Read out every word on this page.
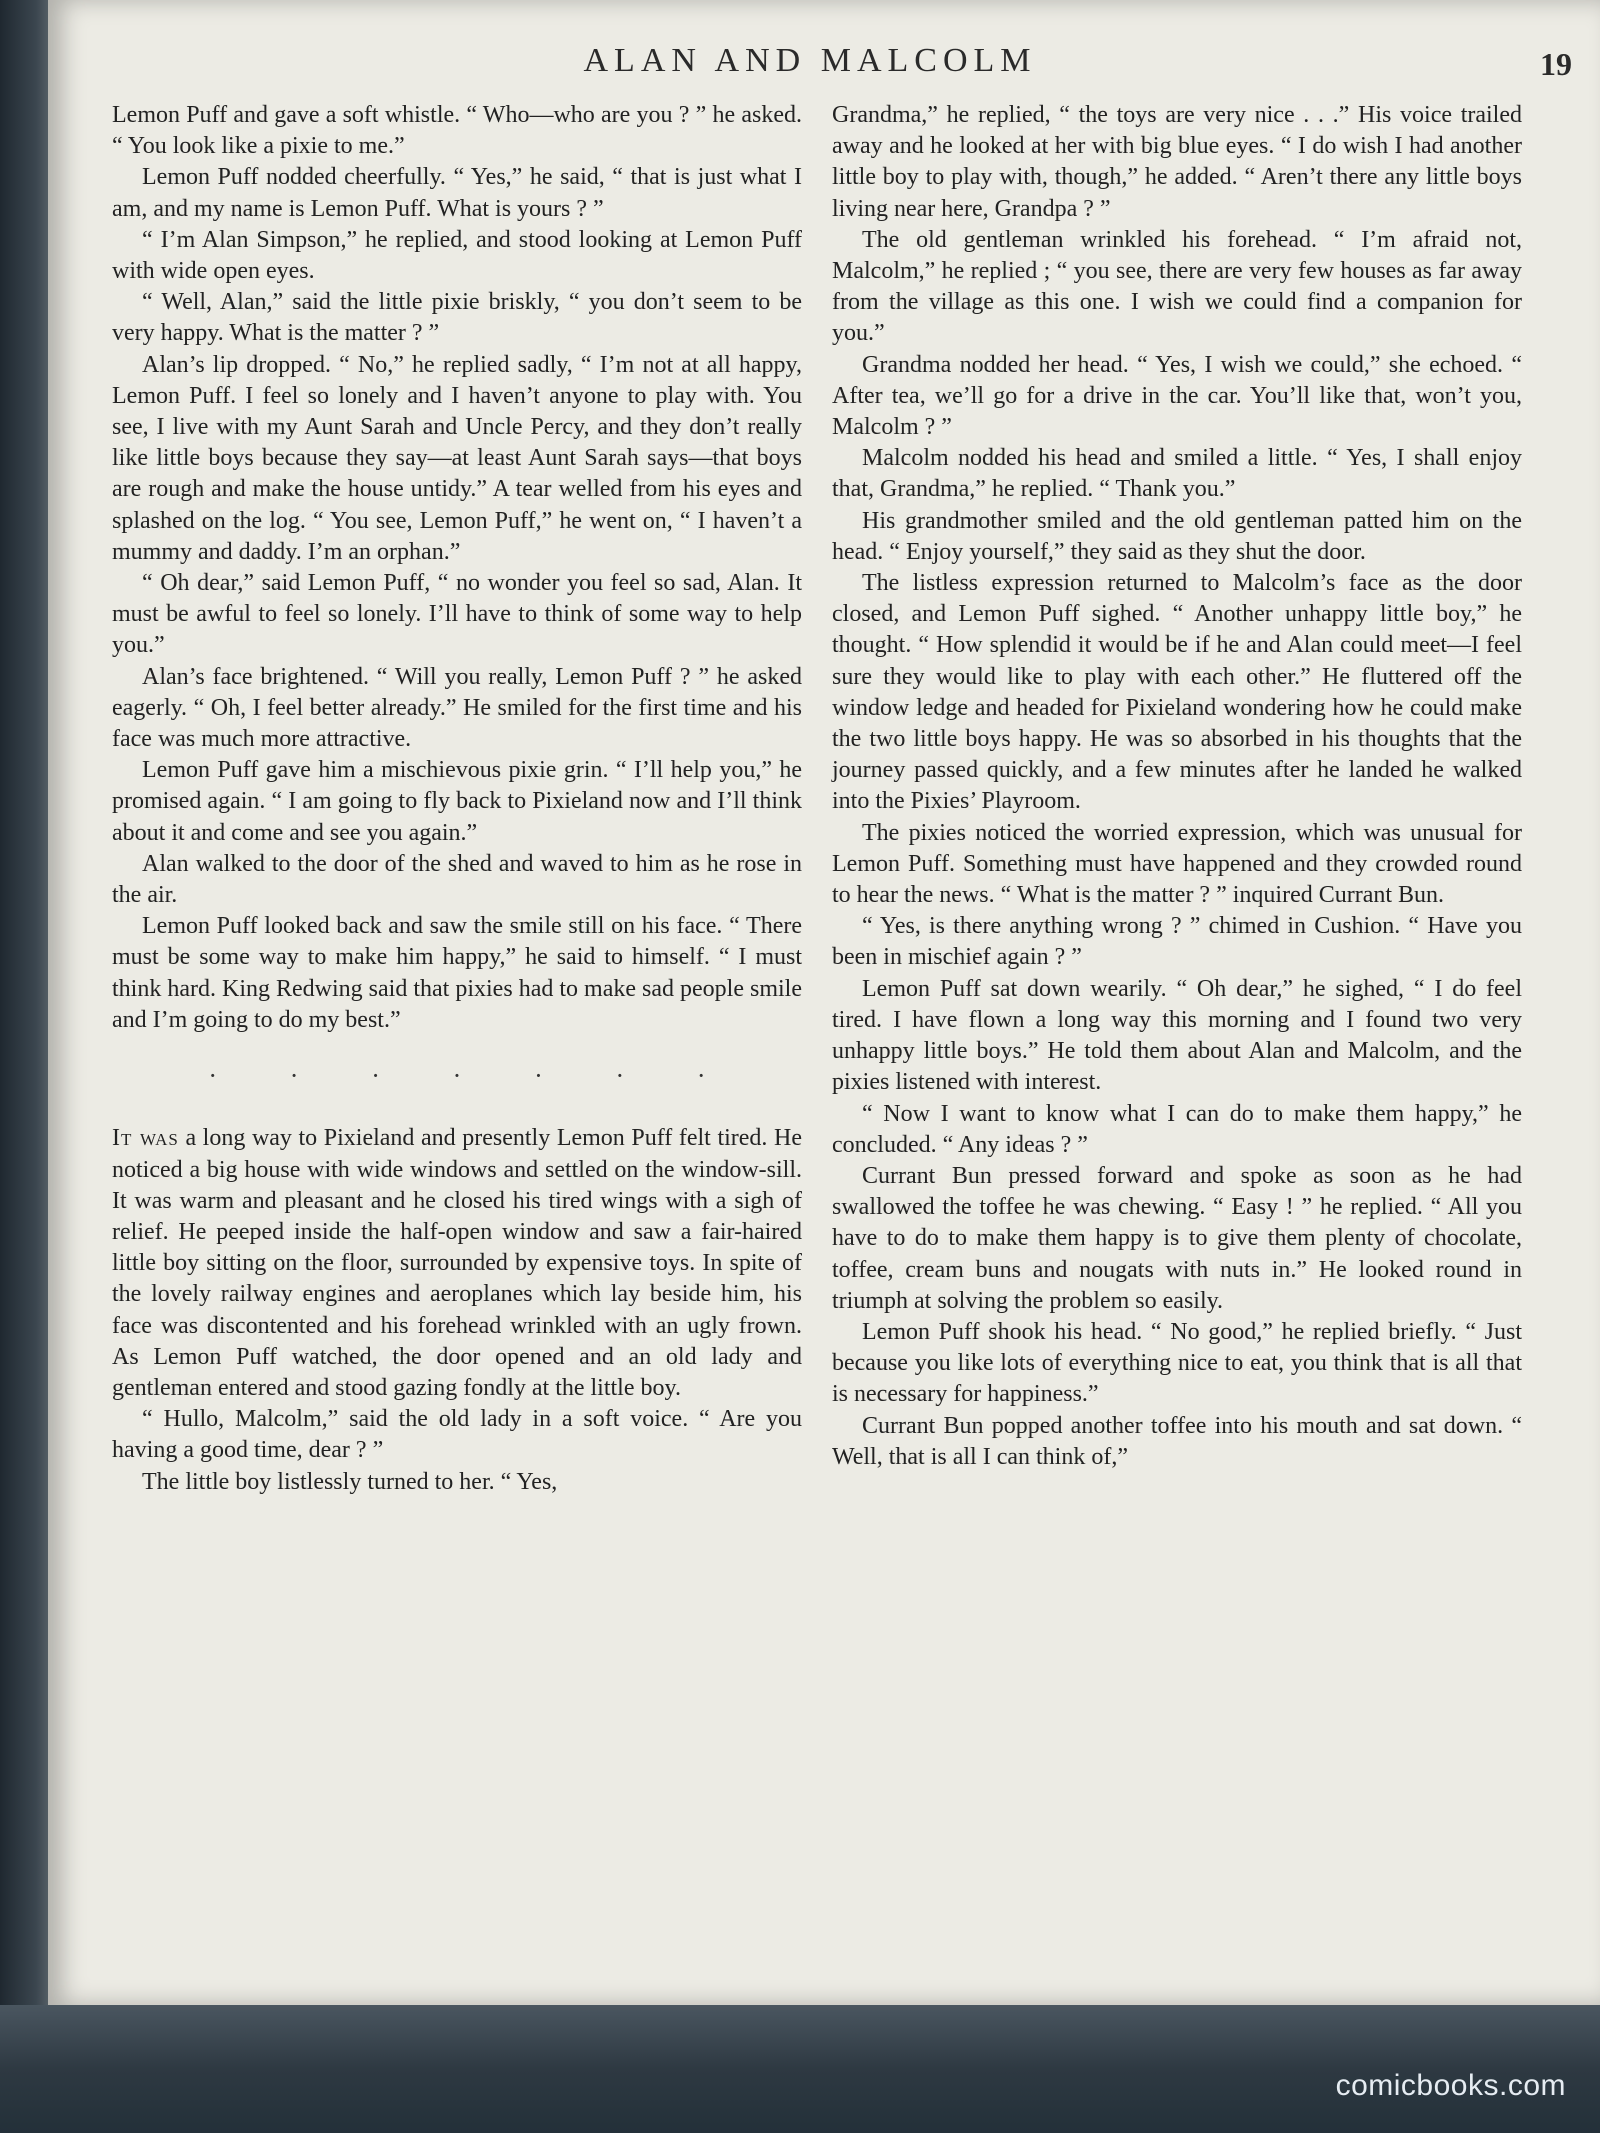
ALAN AND MALCOLM	19

Lemon Puff and gave a soft whistle. “ Who—who are you ? ” he asked. “ You look like a pixie to me.”

Lemon Puff nodded cheerfully. “ Yes,” he said, “ that is just what I am, and my name is Lemon Puff. What is yours ? ”

“ I’m Alan Simpson,” he replied, and stood looking at Lemon Puff with wide open eyes.

“ Well, Alan,” said the little pixie briskly, “ you don’t seem to be very happy. What is the matter ? ”

Alan’s lip dropped. “ No,” he replied sadly, “ I’m not at all happy, Lemon Puff. I feel so lonely and I haven’t anyone to play with. You see, I live with my Aunt Sarah and Uncle Percy, and they don’t really like little boys because they say—at least Aunt Sarah says—that boys are rough and make the house untidy.” A tear welled from his eyes and splashed on the log. “ You see, Lemon Puff,” he went on, “ I haven’t a mummy and daddy. I’m an orphan.”

“ Oh dear,” said Lemon Puff, “ no wonder you feel so sad, Alan. It must be awful to feel so lonely. I’ll have to think of some way to help you.”

Alan’s face brightened. “ Will you really, Lemon Puff ? ” he asked eagerly. “ Oh, I feel better already.” He smiled for the first time and his face was much more attractive.

Lemon Puff gave him a mischievous pixie grin. “ I’ll help you,” he promised again. “ I am going to fly back to Pixieland now and I’ll think about it and come and see you again.”

Alan walked to the door of the shed and waved to him as he rose in the air.

Lemon Puff looked back and saw the smile still on his face. “ There must be some way to make him happy,” he said to himself. “ I must think hard. King Redwing said that pixies had to make sad people smile and I’m going to do my best.”

·	·	·	·	·	·	·

It was a long way to Pixieland and presently Lemon Puff felt tired. He noticed a big house with wide windows and settled on the window-sill. It was warm and pleasant and he closed his tired wings with a sigh of relief. He peeped inside the half-open window and saw a fair-haired little boy sitting on the floor, surrounded by expensive toys. In spite of the lovely railway engines and aeroplanes which lay beside him, his face was discontented and his forehead wrinkled with an ugly frown. As Lemon Puff watched, the door opened and an old lady and gentleman entered and stood gazing fondly at the little boy.

“ Hullo, Malcolm,” said the old lady in a soft voice. “ Are you having a good time, dear ? ”

The little boy listlessly turned to her. “ Yes,

Grandma,” he replied, “ the toys are very nice . . .” His voice trailed away and he looked at her with big blue eyes. “ I do wish I had another little boy to play with, though,” he added. “ Aren’t there any little boys living near here, Grandpa ? ”

The old gentleman wrinkled his forehead. “ I’m afraid not, Malcolm,” he replied ; “ you see, there are very few houses as far away from the village as this one. I wish we could find a companion for you.”

Grandma nodded her head. “ Yes, I wish we could,” she echoed. “ After tea, we’ll go for a drive in the car. You’ll like that, won’t you, Malcolm ? ”

Malcolm nodded his head and smiled a little. “ Yes, I shall enjoy that, Grandma,” he replied. “ Thank you.”

His grandmother smiled and the old gentleman patted him on the head. “ Enjoy yourself,” they said as they shut the door.

The listless expression returned to Malcolm’s face as the door closed, and Lemon Puff sighed. “ Another unhappy little boy,” he thought. “ How splendid it would be if he and Alan could meet—I feel sure they would like to play with each other.” He fluttered off the window ledge and headed for Pixieland wondering how he could make the two little boys happy. He was so absorbed in his thoughts that the journey passed quickly, and a few minutes after he landed he walked into the Pixies’ Playroom.

The pixies noticed the worried expression, which was unusual for Lemon Puff. Something must have happened and they crowded round to hear the news. “ What is the matter ? ” inquired Currant Bun.

“ Yes, is there anything wrong ? ” chimed in Cushion. “ Have you been in mischief again ? ”

Lemon Puff sat down wearily. “ Oh dear,” he sighed, “ I do feel tired. I have flown a long way this morning and I found two very unhappy little boys.” He told them about Alan and Malcolm, and the pixies listened with interest.

“ Now I want to know what I can do to make them happy,” he concluded. “ Any ideas ? ”

Currant Bun pressed forward and spoke as soon as he had swallowed the toffee he was chewing. “ Easy ! ” he replied. “ All you have to do to make them happy is to give them plenty of chocolate, toffee, cream buns and nougats with nuts in.” He looked round in triumph at solving the problem so easily.

Lemon Puff shook his head. “ No good,” he replied briefly. “ Just because you like lots of everything nice to eat, you think that is all that is necessary for happiness.”

Currant Bun popped another toffee into his mouth and sat down. “ Well, that is all I can think of,”

comicbooks.com
